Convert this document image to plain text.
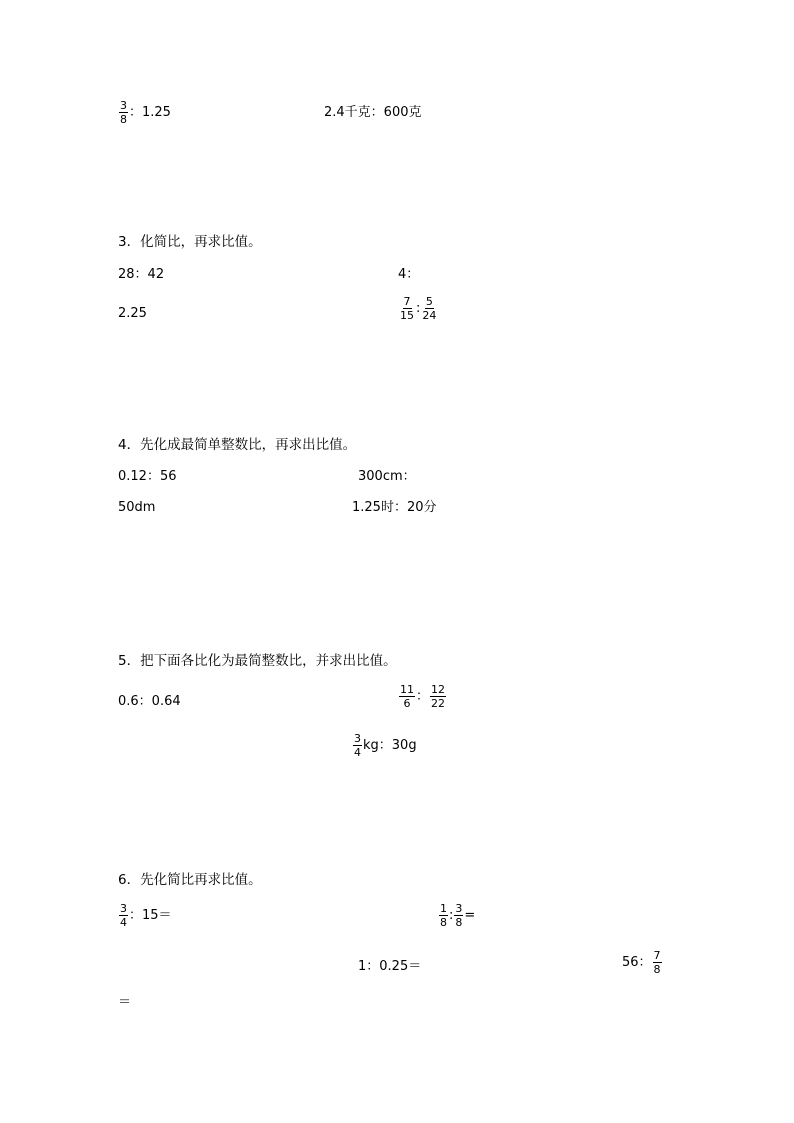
$\frac{3}{8}$ ：1.25	2.4千克：600克
3．化简比，再求比值。
28：42	4：
2.25	$\frac{7}{15}$ : $\frac{5}{24}$
4．先化成最简单整数比，再求出比值。
0.12：56	300cm：
50dm	1.25时：20分
5．把下面各比化为最简整数比，并求出比值。
0.6：0.64	$\frac{11}{6}$ ： $\frac{12}{22}$
$\frac{3}{4}$ kg：30g
6．先化简比再求比值。
$\frac{3}{4}$ ：15＝	$\frac{1}{8}$ : $\frac{3}{8}$ =
1：0.25＝	56： $\frac{7}{8}$
＝
